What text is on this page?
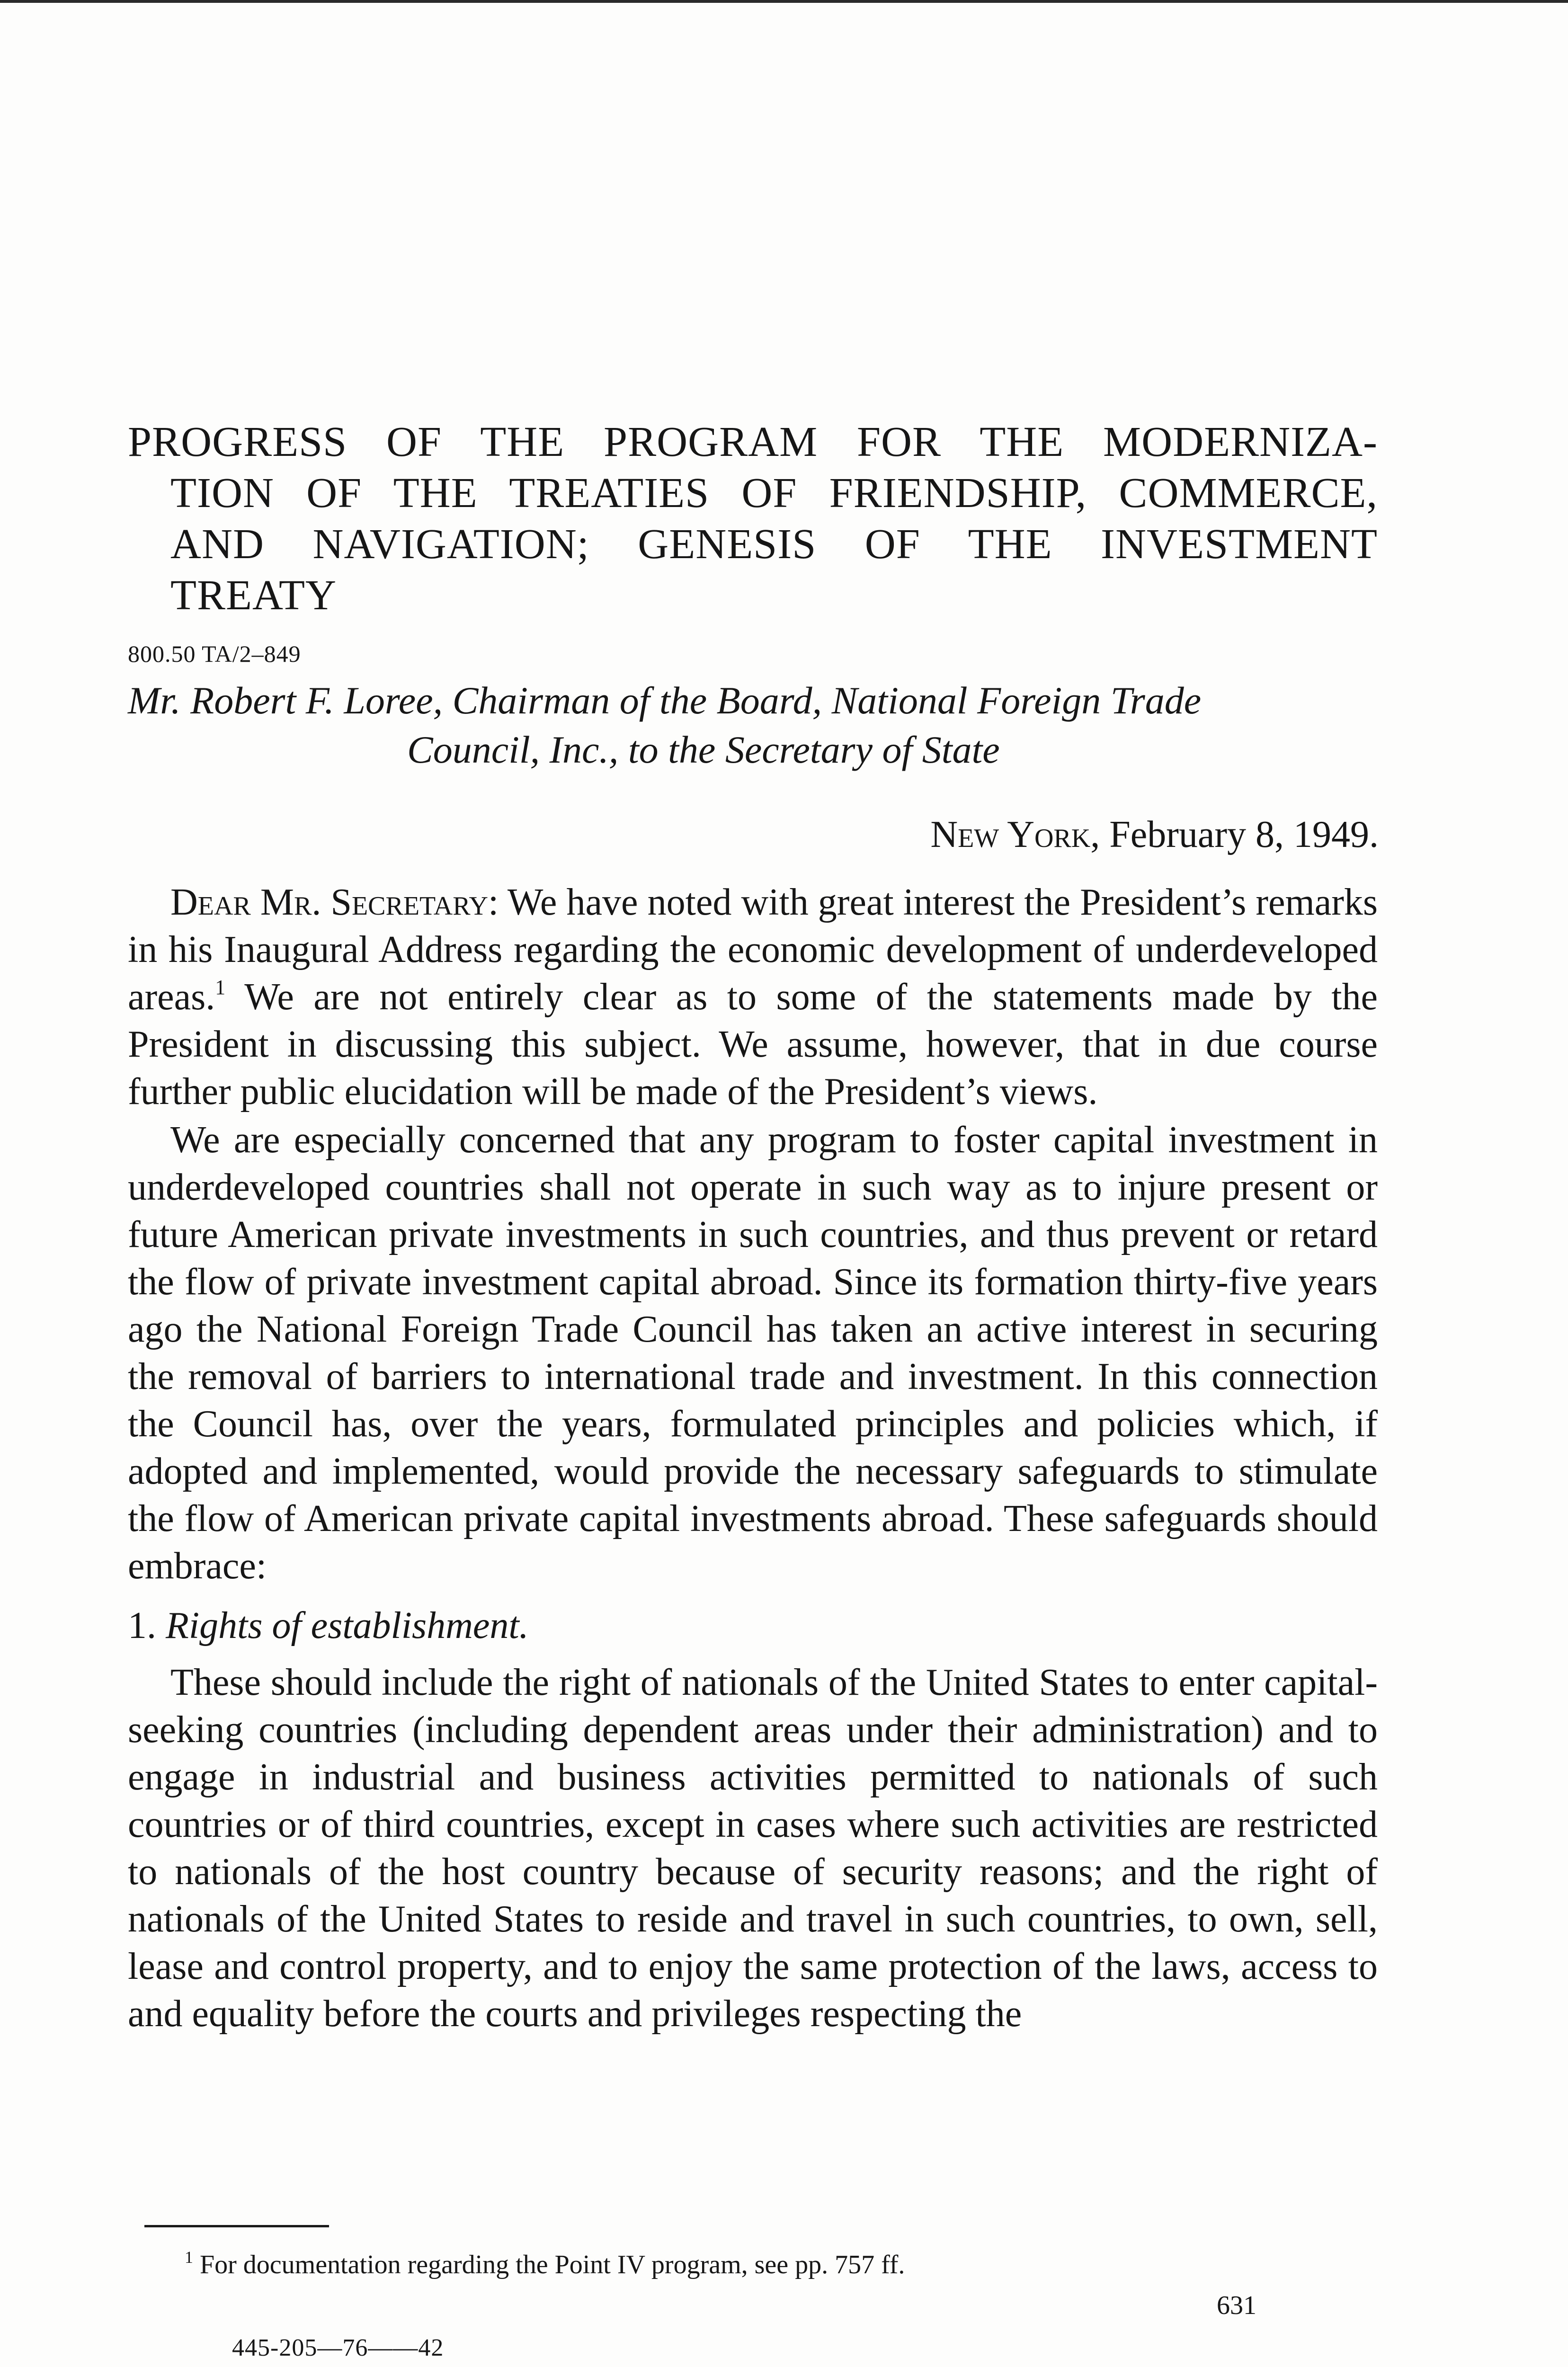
PROGRESS OF THE PROGRAM FOR THE MODERNIZA-
TION OF THE TREATIES OF FRIENDSHIP, COMMERCE,
AND NAVIGATION; GENESIS OF THE INVESTMENT
TREATY
800.50 TA/2–849
Mr. Robert F. Loree, Chairman of the Board, National Foreign Trade
Council, Inc., to the Secretary of State
New York, February 8, 1949.

Dear Mr. Secretary: We have noted with great interest the President’s remarks in his Inaugural Address regarding the economic development of underdeveloped areas.$^1$ We are not entirely clear as to some of the statements made by the President in discussing this subject. We assume, however, that in due course further public elucidation will be made of the President’s views.

We are especially concerned that any program to foster capital investment in underdeveloped countries shall not operate in such way as to injure present or future American private investments in such countries, and thus prevent or retard the flow of private investment capital abroad. Since its formation thirty-five years ago the National Foreign Trade Council has taken an active interest in securing the removal of barriers to international trade and investment. In this connection the Council has, over the years, formulated principles and policies which, if adopted and implemented, would provide the necessary safeguards to stimulate the flow of American private capital investments abroad. These safeguards should embrace:

1. Rights of establishment.

These should include the right of nationals of the United States to enter capital-seeking countries (including dependent areas under their administration) and to engage in industrial and business activities permitted to nationals of such countries or of third countries, except in cases where such activities are restricted to nationals of the host country because of security reasons; and the right of nationals of the United States to reside and travel in such countries, to own, sell, lease and control property, and to enjoy the same protection of the laws, access to and equality before the courts and privileges respecting the

$^1$ For documentation regarding the Point IV program, see pp. 757 ff.
631
445-205—76——42
